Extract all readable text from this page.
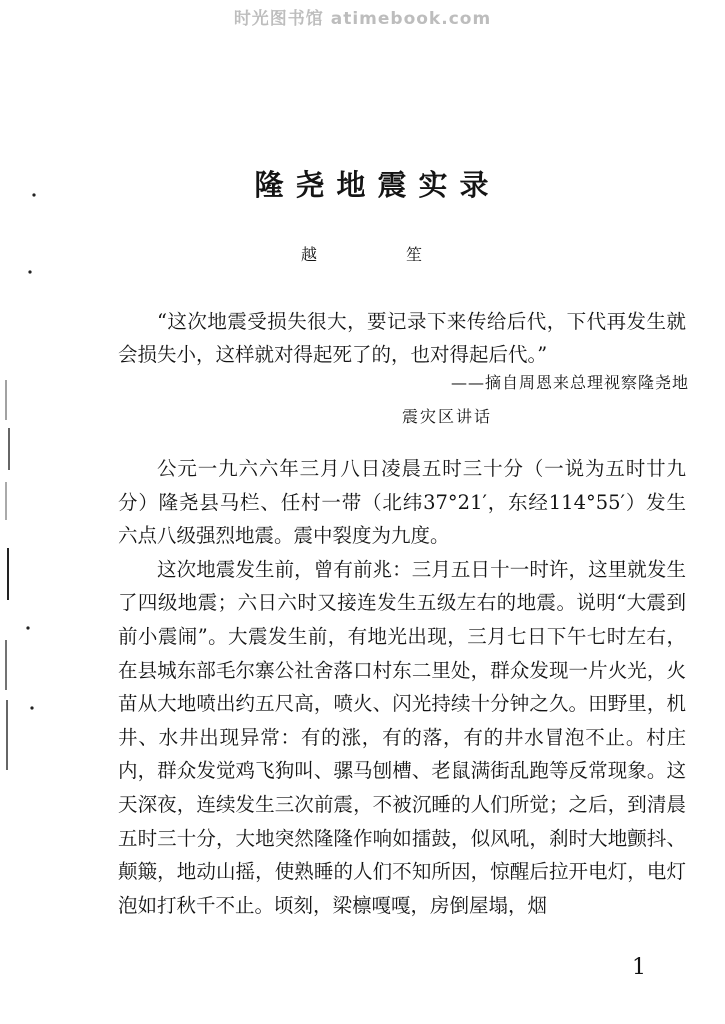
时光图书馆 atimebook.com
隆尧地震实录
越 笙
“这次地震受损失很大，要记录下来传给后代，下代再发生就会损失小，这样就对得起死了的，也对得起后代。”
——摘自周恩来总理视察隆尧地
震灾区讲话

公元一九六六年三月八日凌晨五时三十分（一说为五时廿九分）隆尧县马栏、任村一带（北纬37°21′，东经114°55′）发生六点八级强烈地震。震中裂度为九度。

这次地震发生前，曾有前兆：三月五日十一时许，这里就发生了四级地震；六日六时又接连发生五级左右的地震。说明“大震到前小震闹”。大震发生前，有地光出现，三月七日下午七时左右，在县城东部毛尔寨公社舍落口村东二里处，群众发现一片火光，火苗从大地喷出约五尺高，喷火、闪光持续十分钟之久。田野里，机井、水井出现异常：有的涨，有的落，有的井水冒泡不止。村庄内，群众发觉鸡飞狗叫、骡马刨槽、老鼠满街乱跑等反常现象。这天深夜，连续发生三次前震，不被沉睡的人们所觉；之后，到清晨五时三十分，大地突然隆隆作响如擂鼓，似风吼，刹时大地颤抖、颠簸，地动山摇，使熟睡的人们不知所因，惊醒后拉开电灯，电灯泡如打秋千不止。顷刻，梁檩嘎嘎，房倒屋塌，烟

1
